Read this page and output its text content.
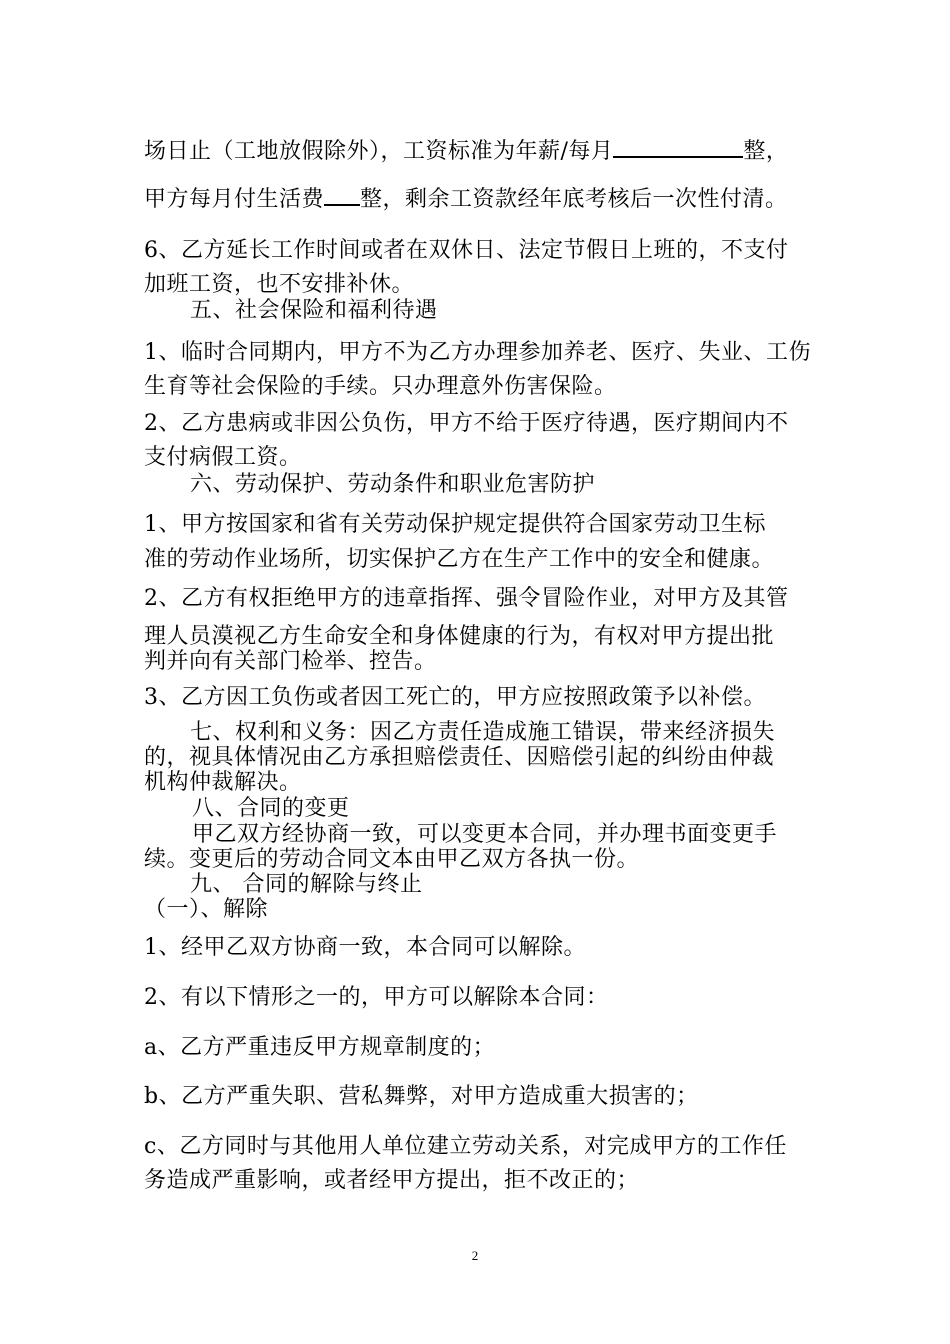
场日止（工地放假除外），工资标准为年薪/每月	整，
甲方每月付生活费 整，剩余工资款经年底考核后一次性付清。
6、乙方延长工作时间或者在双休日、法定节假日上班的，不支付
加班工资，也不安排补休。
五、社会保险和福利待遇
1、临时合同期内，甲方不为乙方办理参加养老、医疗、失业、工伤
生育等社会保险的手续。只办理意外伤害保险。
2、乙方患病或非因公负伤，甲方不给于医疗待遇，医疗期间内不
支付病假工资。
六、劳动保护、劳动条件和职业危害防护
1、甲方按国家和省有关劳动保护规定提供符合国家劳动卫生标
准的劳动作业场所，切实保护乙方在生产工作中的安全和健康。
2、乙方有权拒绝甲方的违章指挥、强令冒险作业，对甲方及其管
理人员漠视乙方生命安全和身体健康的行为，有权对甲方提出批
判并向有关部门检举、控告。
3、乙方因工负伤或者因工死亡的，甲方应按照政策予以补偿。
七、权利和义务：因乙方责任造成施工错误，带来经济损失
的，视具体情况由乙方承担赔偿责任、因赔偿引起的纠纷由仲裁
机构仲裁解决。
八、合同的变更
甲乙双方经协商一致，可以变更本合同，并办理书面变更手
续。变更后的劳动合同文本由甲乙双方各执一份。
九、 合同的解除与终止
（一）、解除
1、经甲乙双方协商一致，本合同可以解除。
2、有以下情形之一的，甲方可以解除本合同：
a、乙方严重违反甲方规章制度的；
b、乙方严重失职、营私舞弊，对甲方造成重大损害的；
c、乙方同时与其他用人单位建立劳动关系，对完成甲方的工作任
务造成严重影响，或者经甲方提出，拒不改正的；
2
